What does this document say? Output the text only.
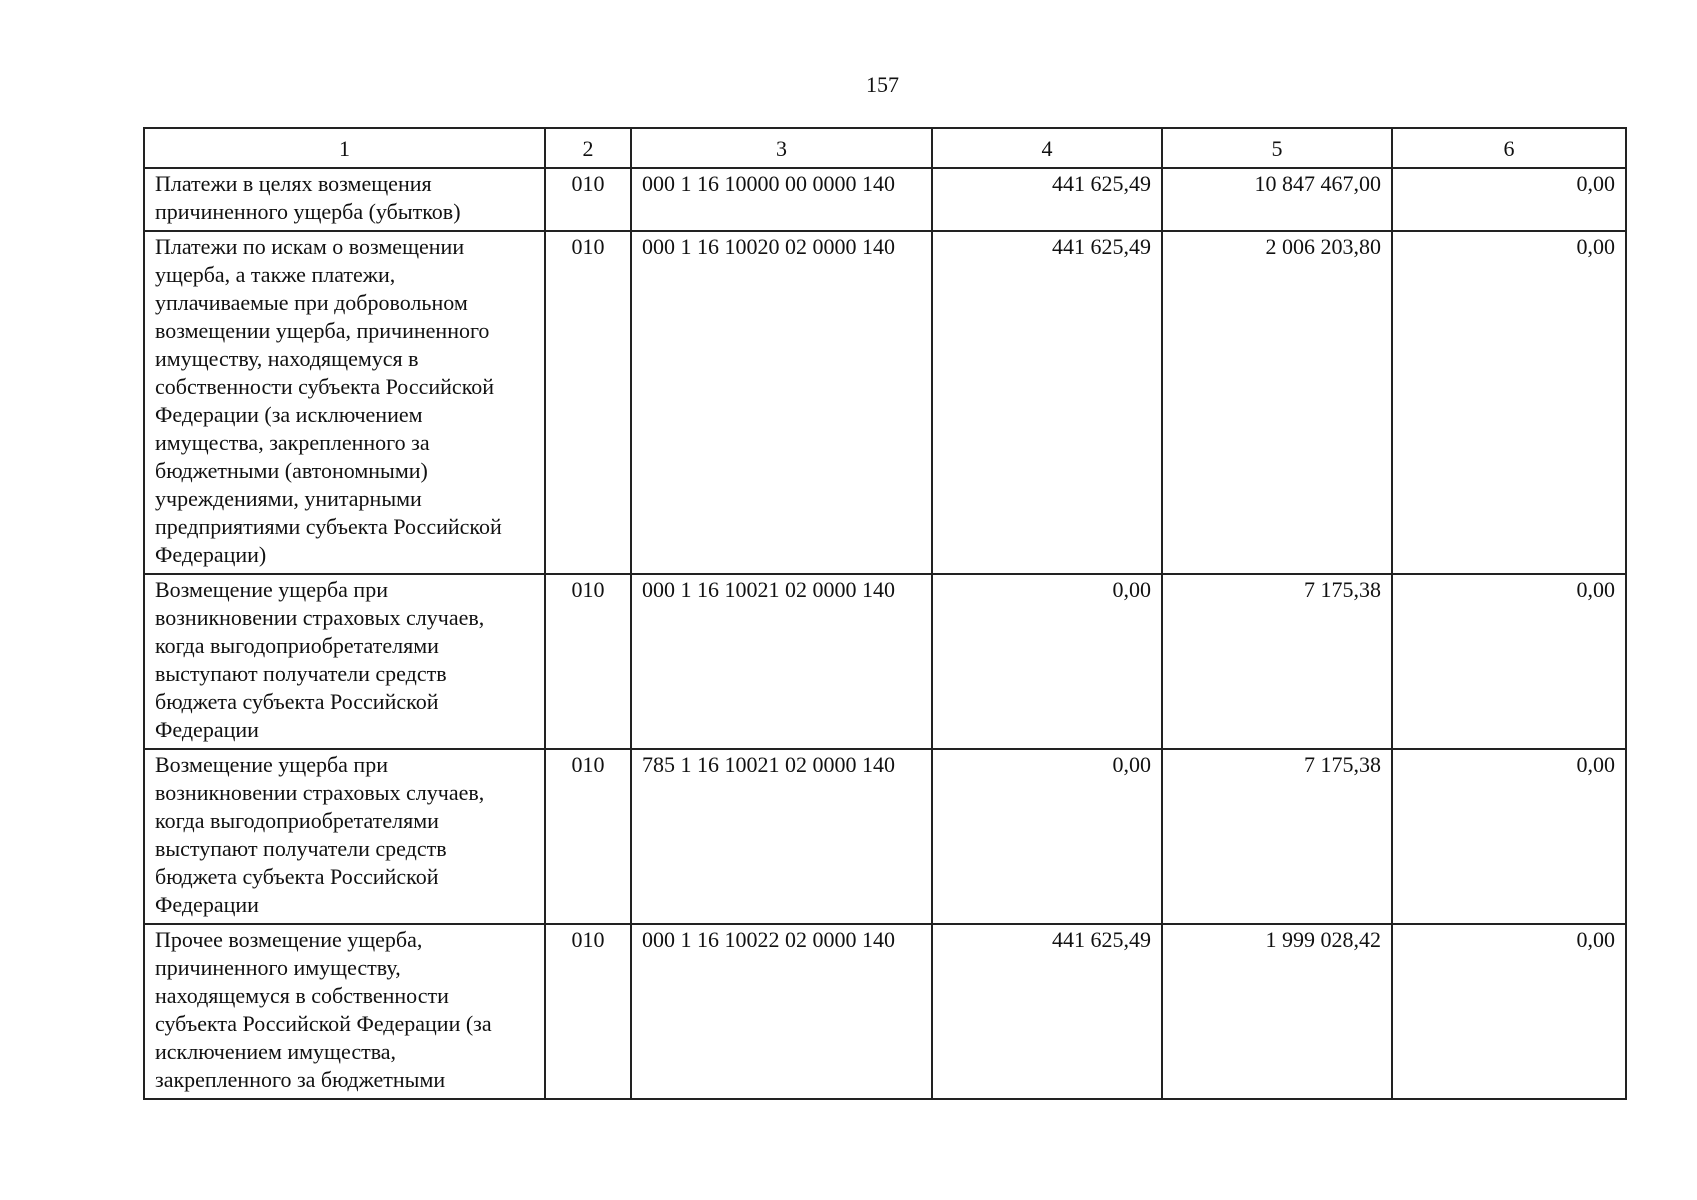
157
1	2	3	4	5	6
Платежи в целях возмещения причиненного ущерба (убытков)	010	000 1 16 10000 00 0000 140	441 625,49	10 847 467,00	0,00
Платежи по искам о возмещении ущерба, а также платежи, уплачиваемые при добровольном возмещении ущерба, причиненного имуществу, находящемуся в собственности субъекта Российской Федерации (за исключением имущества, закрепленного за бюджетными (автономными) учреждениями, унитарными предприятиями субъекта Российской Федерации)	010	000 1 16 10020 02 0000 140	441 625,49	2 006 203,80	0,00
Возмещение ущерба при возникновении страховых случаев, когда выгодоприобретателями выступают получатели средств бюджета субъекта Российской Федерации	010	000 1 16 10021 02 0000 140	0,00	7 175,38	0,00
Возмещение ущерба при возникновении страховых случаев, когда выгодоприобретателями выступают получатели средств бюджета субъекта Российской Федерации	010	785 1 16 10021 02 0000 140	0,00	7 175,38	0,00
Прочее возмещение ущерба, причиненного имуществу, находящемуся в собственности субъекта Российской Федерации (за исключением имущества, закрепленного за бюджетными	010	000 1 16 10022 02 0000 140	441 625,49	1 999 028,42	0,00
